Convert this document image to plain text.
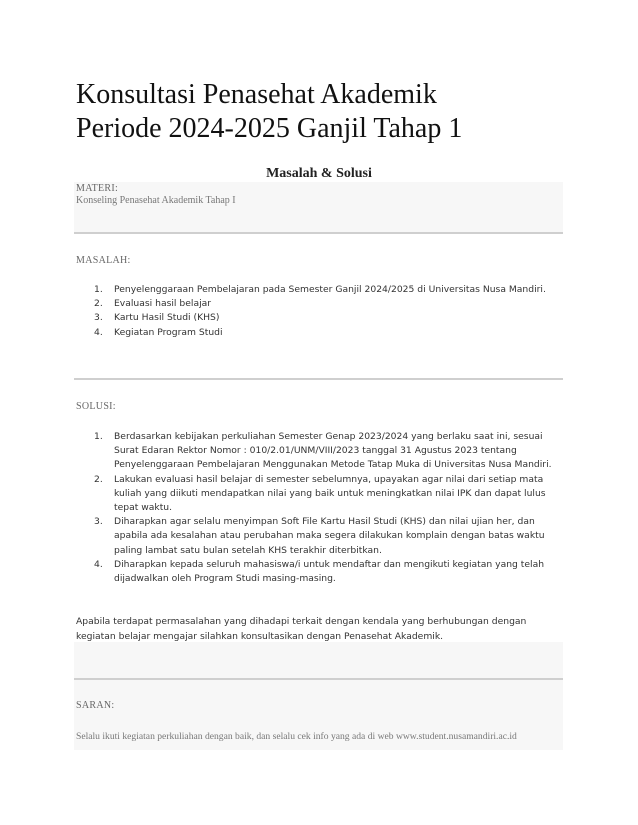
Konsultasi Penasehat Akademik
Periode 2024-2025 Ganjil Tahap 1
Masalah & Solusi
MATERI:
Konseling Penasehat Akademik Tahap I
MASALAH:
1. Penyelenggaraan Pembelajaran pada Semester Ganjil 2024/2025 di Universitas Nusa Mandiri.
2. Evaluasi hasil belajar
3. Kartu Hasil Studi (KHS)
4. Kegiatan Program Studi
SOLUSI:
1. Berdasarkan kebijakan perkuliahan Semester Genap 2023/2024 yang berlaku saat ini, sesuai Surat Edaran Rektor Nomor : 010/2.01/UNM/VIII/2023 tanggal 31 Agustus 2023 tentang Penyelenggaraan Pembelajaran Menggunakan Metode Tatap Muka di Universitas Nusa Mandiri.
2. Lakukan evaluasi hasil belajar di semester sebelumnya, upayakan agar nilai dari setiap mata kuliah yang diikuti mendapatkan nilai yang baik untuk meningkatkan nilai IPK dan dapat lulus tepat waktu.
3. Diharapkan agar selalu menyimpan Soft File Kartu Hasil Studi (KHS) dan nilai ujian her, dan apabila ada kesalahan atau perubahan maka segera dilakukan komplain dengan batas waktu paling lambat satu bulan setelah KHS terakhir diterbitkan.
4. Diharapkan kepada seluruh mahasiswa/i untuk mendaftar dan mengikuti kegiatan yang telah dijadwalkan oleh Program Studi masing-masing.
Apabila terdapat permasalahan yang dihadapi terkait dengan kendala yang berhubungan dengan kegiatan belajar mengajar silahkan konsultasikan dengan Penasehat Akademik.
SARAN:
Selalu ikuti kegiatan perkuliahan dengan baik, dan selalu cek info yang ada di web www.student.nusamandiri.ac.id
